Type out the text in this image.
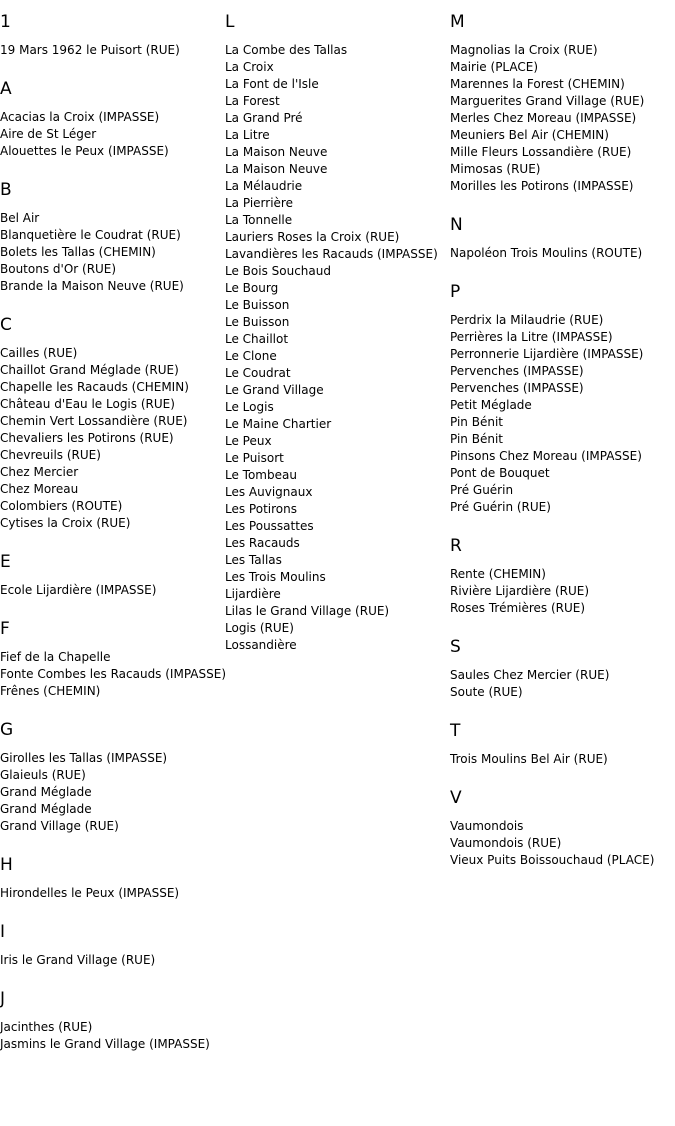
1
19 Mars 1962 le Puisort (RUE)
A
Acacias la Croix (IMPASSE)
Aire de St Léger
Alouettes le Peux (IMPASSE)
B
Bel Air
Blanquetière le Coudrat (RUE)
Bolets les Tallas (CHEMIN)
Boutons d'Or (RUE)
Brande la Maison Neuve (RUE)
C
Cailles (RUE)
Chaillot Grand Méglade (RUE)
Chapelle les Racauds (CHEMIN)
Château d'Eau le Logis (RUE)
Chemin Vert Lossandière (RUE)
Chevaliers les Potirons (RUE)
Chevreuils (RUE)
Chez Mercier
Chez Moreau
Colombiers (ROUTE)
Cytises la Croix (RUE)
E
Ecole Lijardière (IMPASSE)
F
Fief de la Chapelle
Fonte Combes les Racauds (IMPASSE)
Frênes (CHEMIN)
G
Girolles les Tallas (IMPASSE)
Glaieuls (RUE)
Grand Méglade
Grand Méglade
Grand Village (RUE)
H
Hirondelles le Peux (IMPASSE)
I
Iris le Grand Village (RUE)
J
Jacinthes (RUE)
Jasmins le Grand Village (IMPASSE)
L
La Combe des Tallas
La Croix
La Font de l'Isle
La Forest
La Grand Pré
La Litre
La Maison Neuve
La Maison Neuve
La Mélaudrie
La Pierrière
La Tonnelle
Lauriers Roses la Croix (RUE)
Lavandières les Racauds (IMPASSE)
Le Bois Souchaud
Le Bourg
Le Buisson
Le Buisson
Le Chaillot
Le Clone
Le Coudrat
Le Grand Village
Le Logis
Le Maine Chartier
Le Peux
Le Puisort
Le Tombeau
Les Auvignaux
Les Potirons
Les Poussattes
Les Racauds
Les Tallas
Les Trois Moulins
Lijardière
Lilas le Grand Village (RUE)
Logis (RUE)
Lossandière
M
Magnolias la Croix (RUE)
Mairie (PLACE)
Marennes la Forest (CHEMIN)
Marguerites Grand Village (RUE)
Merles Chez Moreau (IMPASSE)
Meuniers Bel Air (CHEMIN)
Mille Fleurs Lossandière (RUE)
Mimosas (RUE)
Morilles les Potirons (IMPASSE)
N
Napoléon Trois Moulins (ROUTE)
P
Perdrix la Milaudrie (RUE)
Perrières la Litre (IMPASSE)
Perronnerie Lijardière (IMPASSE)
Pervenches (IMPASSE)
Pervenches (IMPASSE)
Petit Méglade
Pin Bénit
Pin Bénit
Pinsons Chez Moreau (IMPASSE)
Pont de Bouquet
Pré Guérin
Pré Guérin (RUE)
R
Rente (CHEMIN)
Rivière Lijardière (RUE)
Roses Trémières (RUE)
S
Saules Chez Mercier (RUE)
Soute (RUE)
T
Trois Moulins Bel Air (RUE)
V
Vaumondois
Vaumondois (RUE)
Vieux Puits Boissouchaud (PLACE)
